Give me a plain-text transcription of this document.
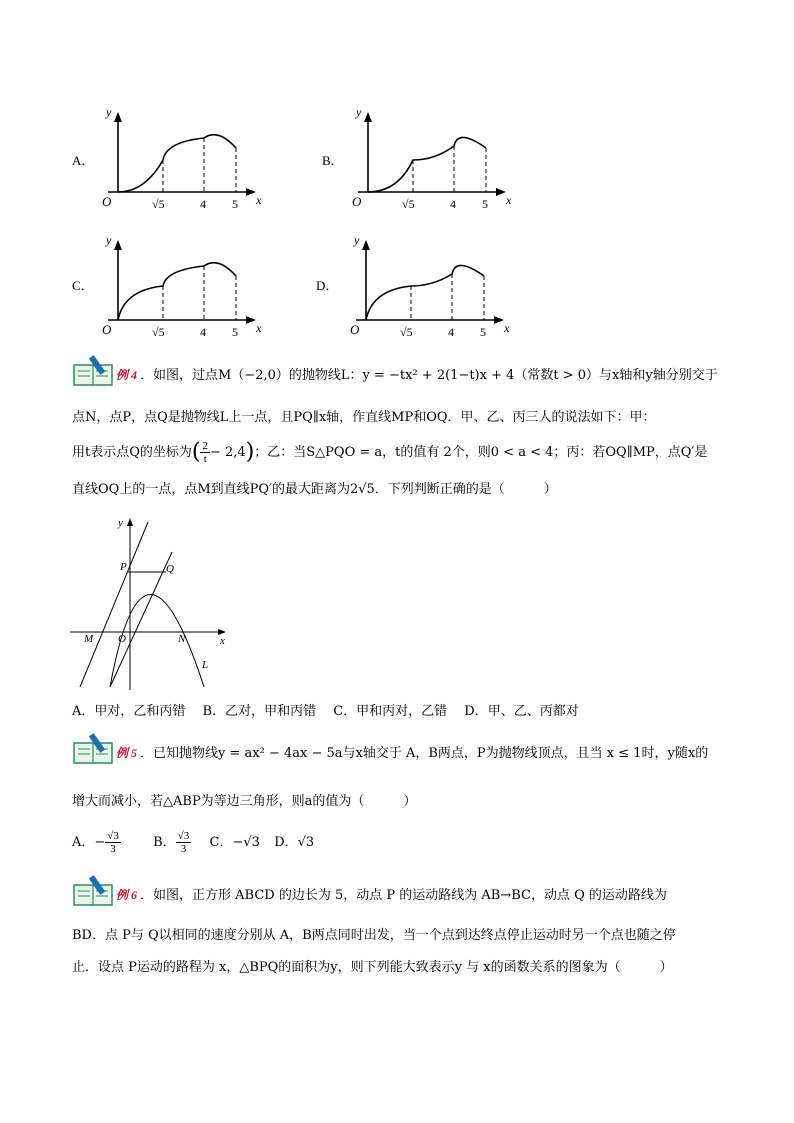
A．
y
O	√5	4 5 x
B．
y
O	√5	4 5 x
C．
y
O	√5	4 5 x
D．
y
O	√5	4 5 x
例 4 ．如图，过点M（−2,0）的抛物线L：y = −tx² + 2(1−t)x + 4（常数t > 0）与x轴和y轴分别交于
点N，点P，点Q是抛物线L上一点，且PQ∥x轴，作直线MP和OQ．甲、乙、丙三人的说法如下：甲：
用t表示点Q的坐标为( $\frac{2}{t} - 2,4$)；乙：当S△PQO = a，t的值有 2个，则0 < a < 4；丙：若OQ∥MP，点Q′是
直线OQ上的一点，点M到直线PQ′的最大距离为2√5．下列判断正确的是（　　　）
y
P	Q
M O	N	x
L
A．甲对，乙和丙错　 B．乙对，甲和丙错　 C．甲和丙对，乙错　 D．甲、乙、丙都对
例 5 ．已知抛物线y = ax² − 4ax − 5a与x轴交于 A，B两点，P为抛物线顶点，且当 x ≤ 1时，y随x的
增大而减小，若△ABP为等边三角形，则a的值为（　　　）
A．− $\frac{√3}{3}$ B． $\frac{√3}{3}$ C．−√3 D．√3
例 6 ．如图，正方形 ABCD 的边长为 5，动点 P 的运动路线为 AB→BC，动点 Q 的运动路线为
BD．点 P与 Q以相同的速度分别从 A，B两点同时出发，当一个点到达终点停止运动时另一个点也随之停
止．设点 P运动的路程为 x，△BPQ的面积为y，则下列能大致表示y 与 x的函数关系的图象为（　　　）
